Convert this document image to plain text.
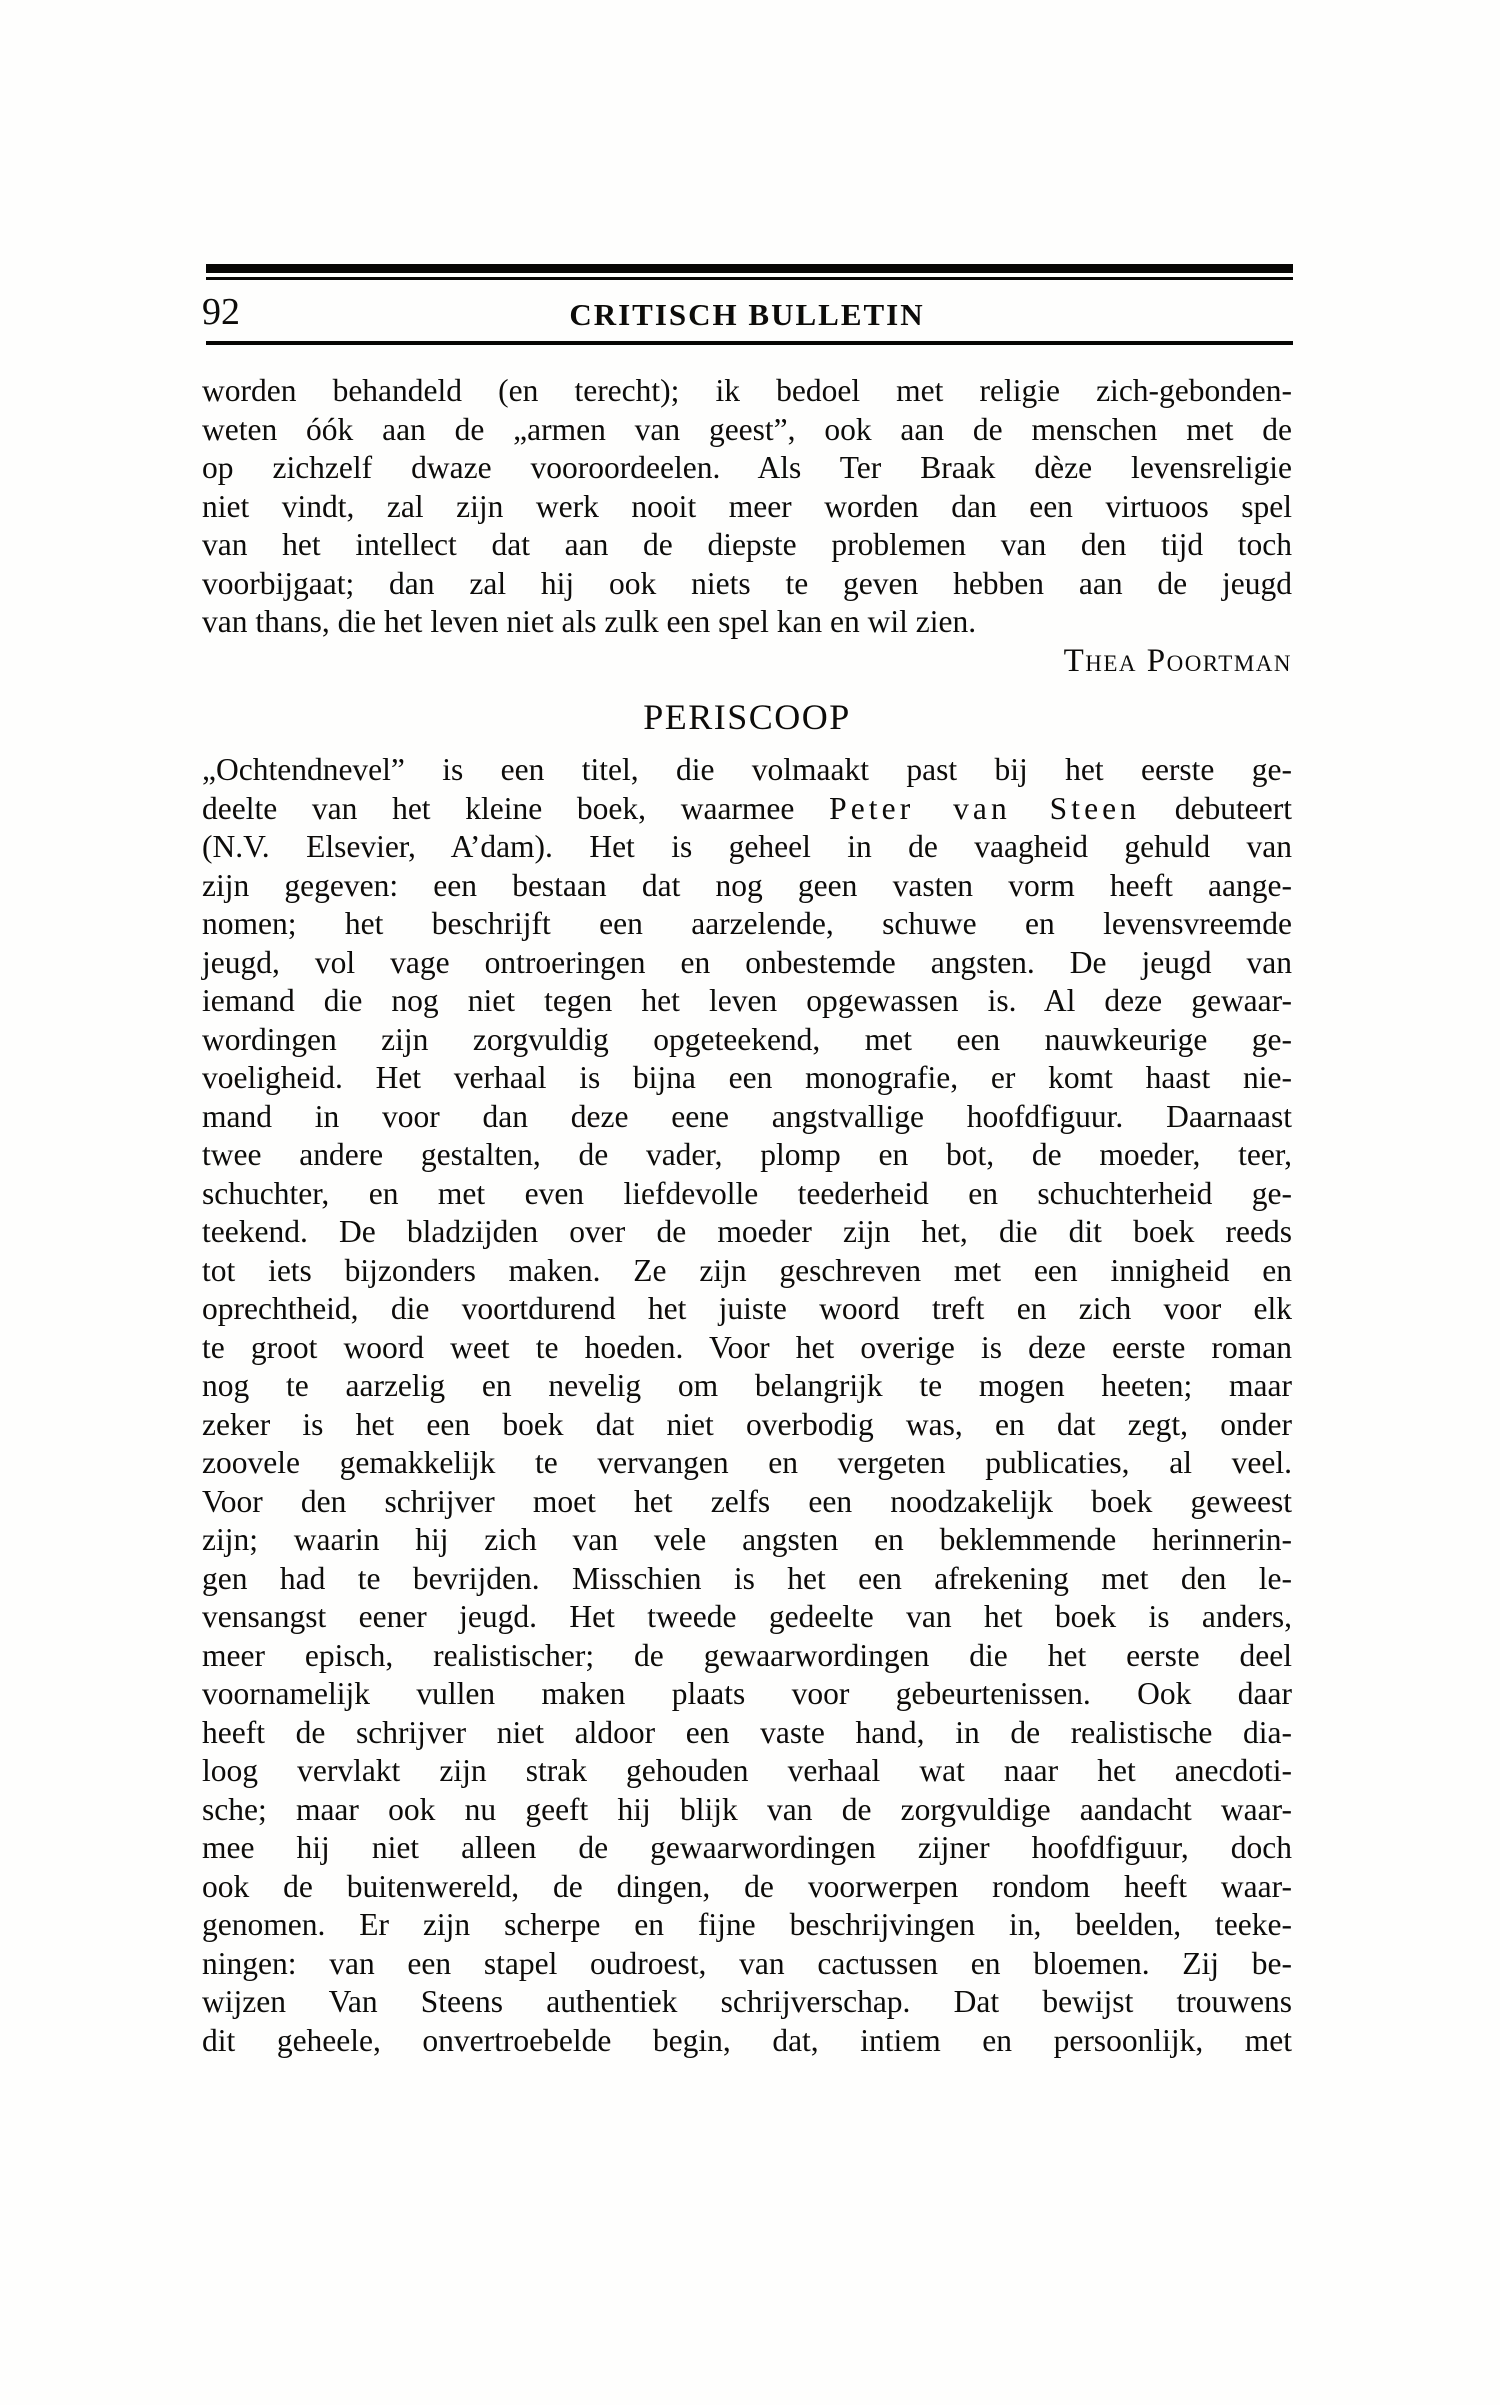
92	CRITISCH BULLETIN
worden behandeld (en terecht); ik bedoel met religie zich-gebonden-
weten óók aan de „armen van geest”, ook aan de menschen met de
op zichzelf dwaze vooroordeelen. Als Ter Braak dèze levensreligie
niet vindt, zal zijn werk nooit meer worden dan een virtuoos spel
van het intellect dat aan de diepste problemen van den tijd toch
voorbijgaat; dan zal hij ook niets te geven hebben aan de jeugd
van thans, die het leven niet als zulk een spel kan en wil zien.
Thea Poortman
PERISCOOP
„Ochtendnevel” is een titel, die volmaakt past bij het eerste ge-
deelte van het kleine boek, waarmee Peter van Steen debuteert
(N.V. Elsevier, A’dam). Het is geheel in de vaagheid gehuld van
zijn gegeven: een bestaan dat nog geen vasten vorm heeft aange-
nomen; het beschrijft een aarzelende, schuwe en levensvreemde
jeugd, vol vage ontroeringen en onbestemde angsten. De jeugd van
iemand die nog niet tegen het leven opgewassen is. Al deze gewaar-
wordingen zijn zorgvuldig opgeteekend, met een nauwkeurige ge-
voeligheid. Het verhaal is bijna een monografie, er komt haast nie-
mand in voor dan deze eene angstvallige hoofdfiguur. Daarnaast
twee andere gestalten, de vader, plomp en bot, de moeder, teer,
schuchter, en met even liefdevolle teederheid en schuchterheid ge-
teekend. De bladzijden over de moeder zijn het, die dit boek reeds
tot iets bijzonders maken. Ze zijn geschreven met een innigheid en
oprechtheid, die voortdurend het juiste woord treft en zich voor elk
te groot woord weet te hoeden. Voor het overige is deze eerste roman
nog te aarzelig en nevelig om belangrijk te mogen heeten; maar
zeker is het een boek dat niet overbodig was, en dat zegt, onder
zoovele gemakkelijk te vervangen en vergeten publicaties, al veel.
Voor den schrijver moet het zelfs een noodzakelijk boek geweest
zijn; waarin hij zich van vele angsten en beklemmende herinnerin-
gen had te bevrijden. Misschien is het een afrekening met den le-
vensangst eener jeugd. Het tweede gedeelte van het boek is anders,
meer episch, realistischer; de gewaarwordingen die het eerste deel
voornamelijk vullen maken plaats voor gebeurtenissen. Ook daar
heeft de schrijver niet aldoor een vaste hand, in de realistische dia-
loog vervlakt zijn strak gehouden verhaal wat naar het anecdoti-
sche; maar ook nu geeft hij blijk van de zorgvuldige aandacht waar-
mee hij niet alleen de gewaarwordingen zijner hoofdfiguur, doch
ook de buitenwereld, de dingen, de voorwerpen rondom heeft waar-
genomen. Er zijn scherpe en fijne beschrijvingen in, beelden, teeke-
ningen: van een stapel oudroest, van cactussen en bloemen. Zij be-
wijzen Van Steens authentiek schrijverschap. Dat bewijst trouwens
dit geheele, onvertroebelde begin, dat, intiem en persoonlijk, met
